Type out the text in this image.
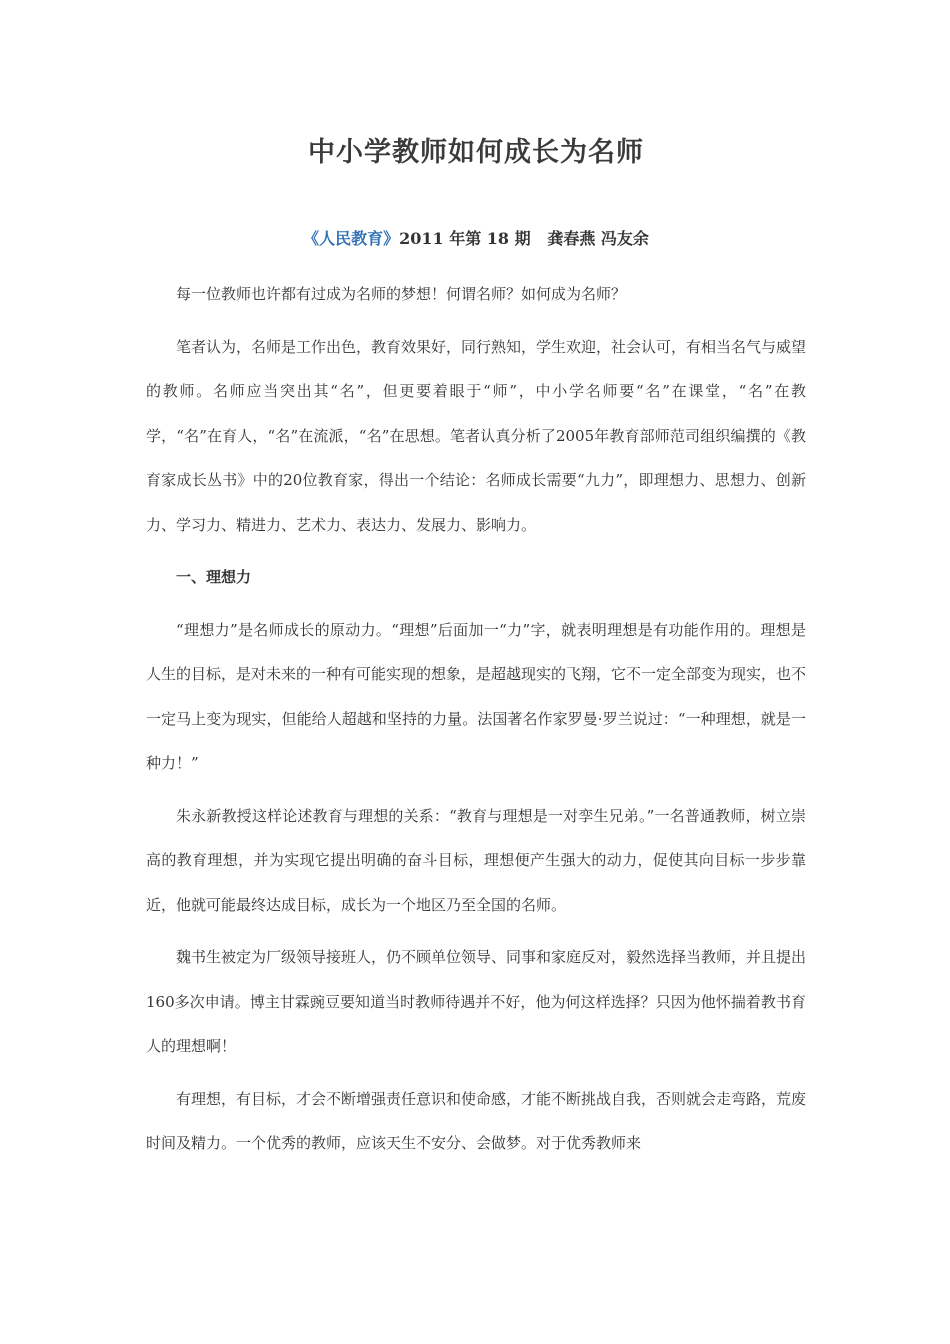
中小学教师如何成长为名师
《人民教育》2011 年第 18 期 龚春燕 冯友余

每一位教师也许都有过成为名师的梦想！何谓名师？如何成为名师？

笔者认为，名师是工作出色，教育效果好，同行熟知，学生欢迎，社会认可，有相当名气与威望的教师。名师应当突出其“名”，但更要着眼于“师”，中小学名师要“名”在课堂，“名”在教学，“名”在育人，“名”在流派，“名”在思想。笔者认真分析了2005年教育部师范司组织编撰的《教育家成长丛书》中的20位教育家，得出一个结论：名师成长需要“九力”，即理想力、思想力、创新力、学习力、精进力、艺术力、表达力、发展力、影响力。

一、理想力

“理想力”是名师成长的原动力。“理想”后面加一“力”字，就表明理想是有功能作用的。理想是人生的目标，是对未来的一种有可能实现的想象，是超越现实的飞翔，它不一定全部变为现实，也不一定马上变为现实，但能给人超越和坚持的力量。法国著名作家罗曼·罗兰说过：“一种理想，就是一种力！”

朱永新教授这样论述教育与理想的关系：“教育与理想是一对孪生兄弟。”一名普通教师，树立崇高的教育理想，并为实现它提出明确的奋斗目标，理想便产生强大的动力，促使其向目标一步步靠近，他就可能最终达成目标，成长为一个地区乃至全国的名师。

魏书生被定为厂级领导接班人，仍不顾单位领导、同事和家庭反对，毅然选择当教师，并且提出160多次申请。博主甘霖豌豆要知道当时教师待遇并不好，他为何这样选择？只因为他怀揣着教书育人的理想啊！

有理想，有目标，才会不断增强责任意识和使命感，才能不断挑战自我，否则就会走弯路，荒废时间及精力。一个优秀的教师，应该天生不安分、会做梦。对于优秀教师来
